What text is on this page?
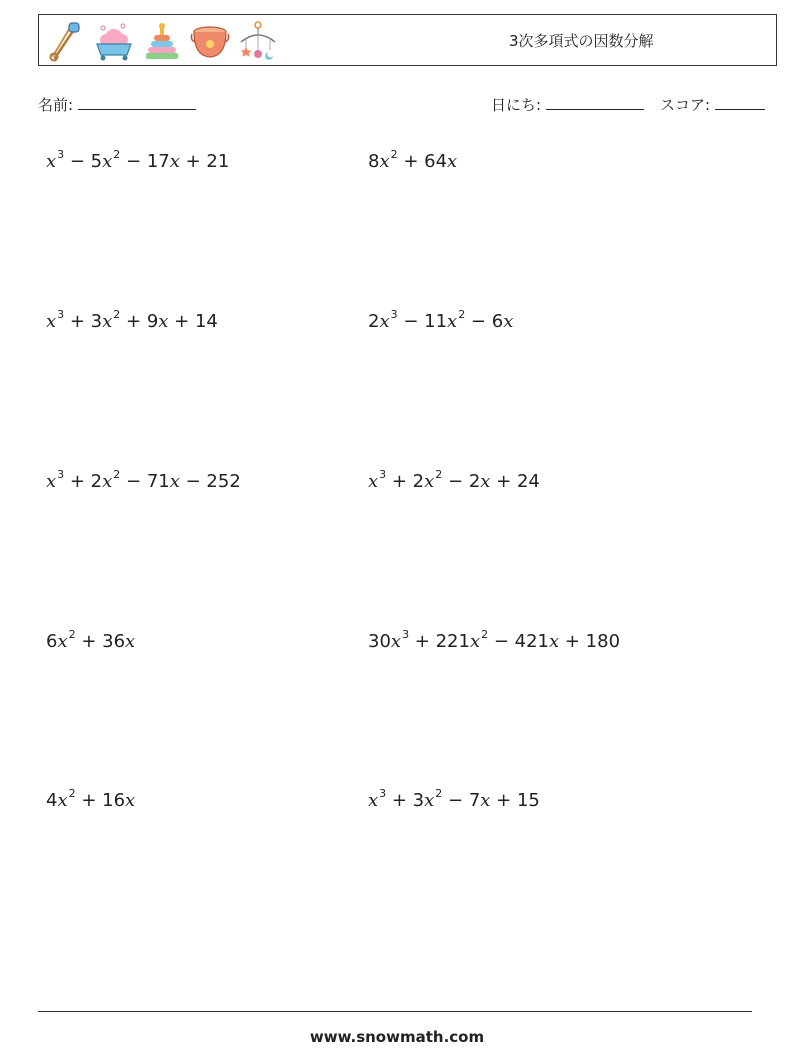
3次多項式の因数分解
名前:	日にち:	スコア:
$x^3 - 5x^2 - 17x + 21$	$8x^2 + 64x$
$x^3 + 3x^2 + 9x + 14$	$2x^3 - 11x^2 - 6x$
$x^3 + 2x^2 - 71x - 252$	$x^3 + 2x^2 - 2x + 24$
$6x^2 + 36x$	$30x^3 + 221x^2 - 421x + 180$
$4x^2 + 16x$	$x^3 + 3x^2 - 7x + 15$
www.snowmath.com
